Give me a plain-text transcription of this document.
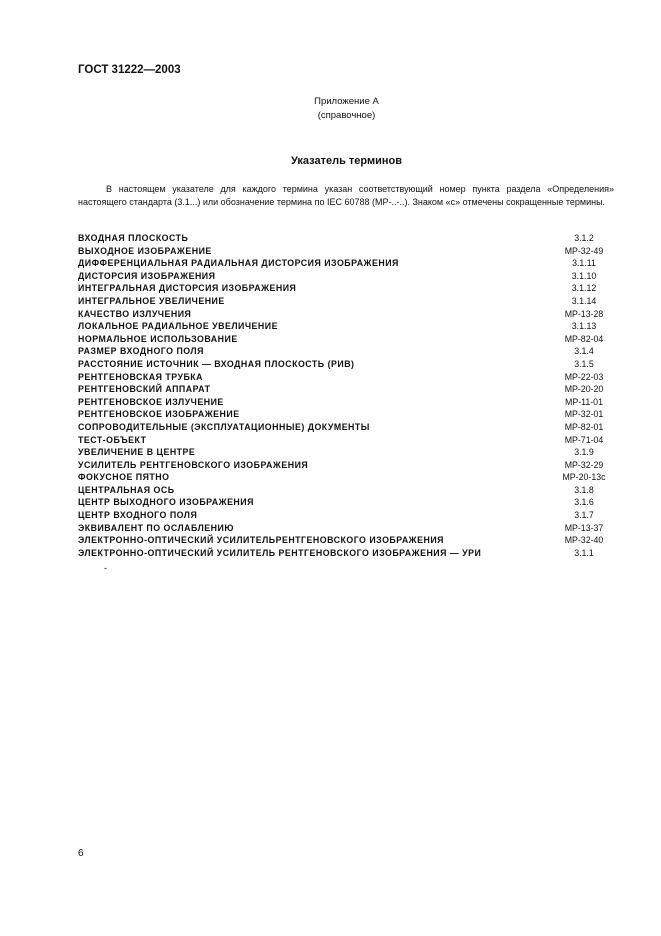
ГОСТ 31222—2003
Приложение А
(справочное)
Указатель терминов

В настоящем указателе для каждого термина указан соответствующий номер пункта раздела «Определения» настоящего стандарта (3.1...) или обозначение термина по IEC 60788 (МР-..-..). Знаком «с» отмечены сокращенные термины.

ВХОДНАЯ ПЛОСКОСТЬ	3.1.2
ВЫХОДНОЕ ИЗОБРАЖЕНИЕ	МР-32-49
ДИФФЕРЕНЦИАЛЬНАЯ РАДИАЛЬНАЯ ДИСТОРСИЯ ИЗОБРАЖЕНИЯ	3.1.11
ДИСТОРСИЯ ИЗОБРАЖЕНИЯ	3.1.10
ИНТЕГРАЛЬНАЯ ДИСТОРСИЯ ИЗОБРАЖЕНИЯ	3.1.12
ИНТЕГРАЛЬНОЕ УВЕЛИЧЕНИЕ	3.1.14
КАЧЕСТВО ИЗЛУЧЕНИЯ	МР-13-28
ЛОКАЛЬНОЕ РАДИАЛЬНОЕ УВЕЛИЧЕНИЕ	3.1.13
НОРМАЛЬНОЕ ИСПОЛЬЗОВАНИЕ	МР-82-04
РАЗМЕР ВХОДНОГО ПОЛЯ	3.1.4
РАССТОЯНИЕ ИСТОЧНИК — ВХОДНАЯ ПЛОСКОСТЬ (РИВ)	3.1.5
РЕНТГЕНОВСКАЯ ТРУБКА	МР-22-03
РЕНТГЕНОВСКИЙ АППАРАТ	МР-20-20
РЕНТГЕНОВСКОЕ ИЗЛУЧЕНИЕ	МР-11-01
РЕНТГЕНОВСКОЕ ИЗОБРАЖЕНИЕ	МР-32-01
СОПРОВОДИТЕЛЬНЫЕ (ЭКСПЛУАТАЦИОННЫЕ) ДОКУМЕНТЫ	МР-82-01
ТЕСТ-ОБЪЕКТ	МР-71-04
УВЕЛИЧЕНИЕ В ЦЕНТРЕ	3.1.9
УСИЛИТЕЛЬ РЕНТГЕНОВСКОГО ИЗОБРАЖЕНИЯ	МР-32-29
ФОКУСНОЕ ПЯТНО	МР-20-13с
ЦЕНТРАЛЬНАЯ ОСЬ	3.1.8
ЦЕНТР ВЫХОДНОГО ИЗОБРАЖЕНИЯ	3.1.6
ЦЕНТР ВХОДНОГО ПОЛЯ	3.1.7
ЭКВИВАЛЕНТ ПО ОСЛАБЛЕНИЮ	МР-13-37
ЭЛЕКТРОННО-ОПТИЧЕСКИЙ УСИЛИТЕЛЬРЕНТГЕНОВСКОГО ИЗОБРАЖЕНИЯ	МР-32-40
ЭЛЕКТРОННО-ОПТИЧЕСКИЙ УСИЛИТЕЛЬ РЕНТГЕНОВСКОГО ИЗОБРАЖЕНИЯ — УРИ	3.1.1
-
6
